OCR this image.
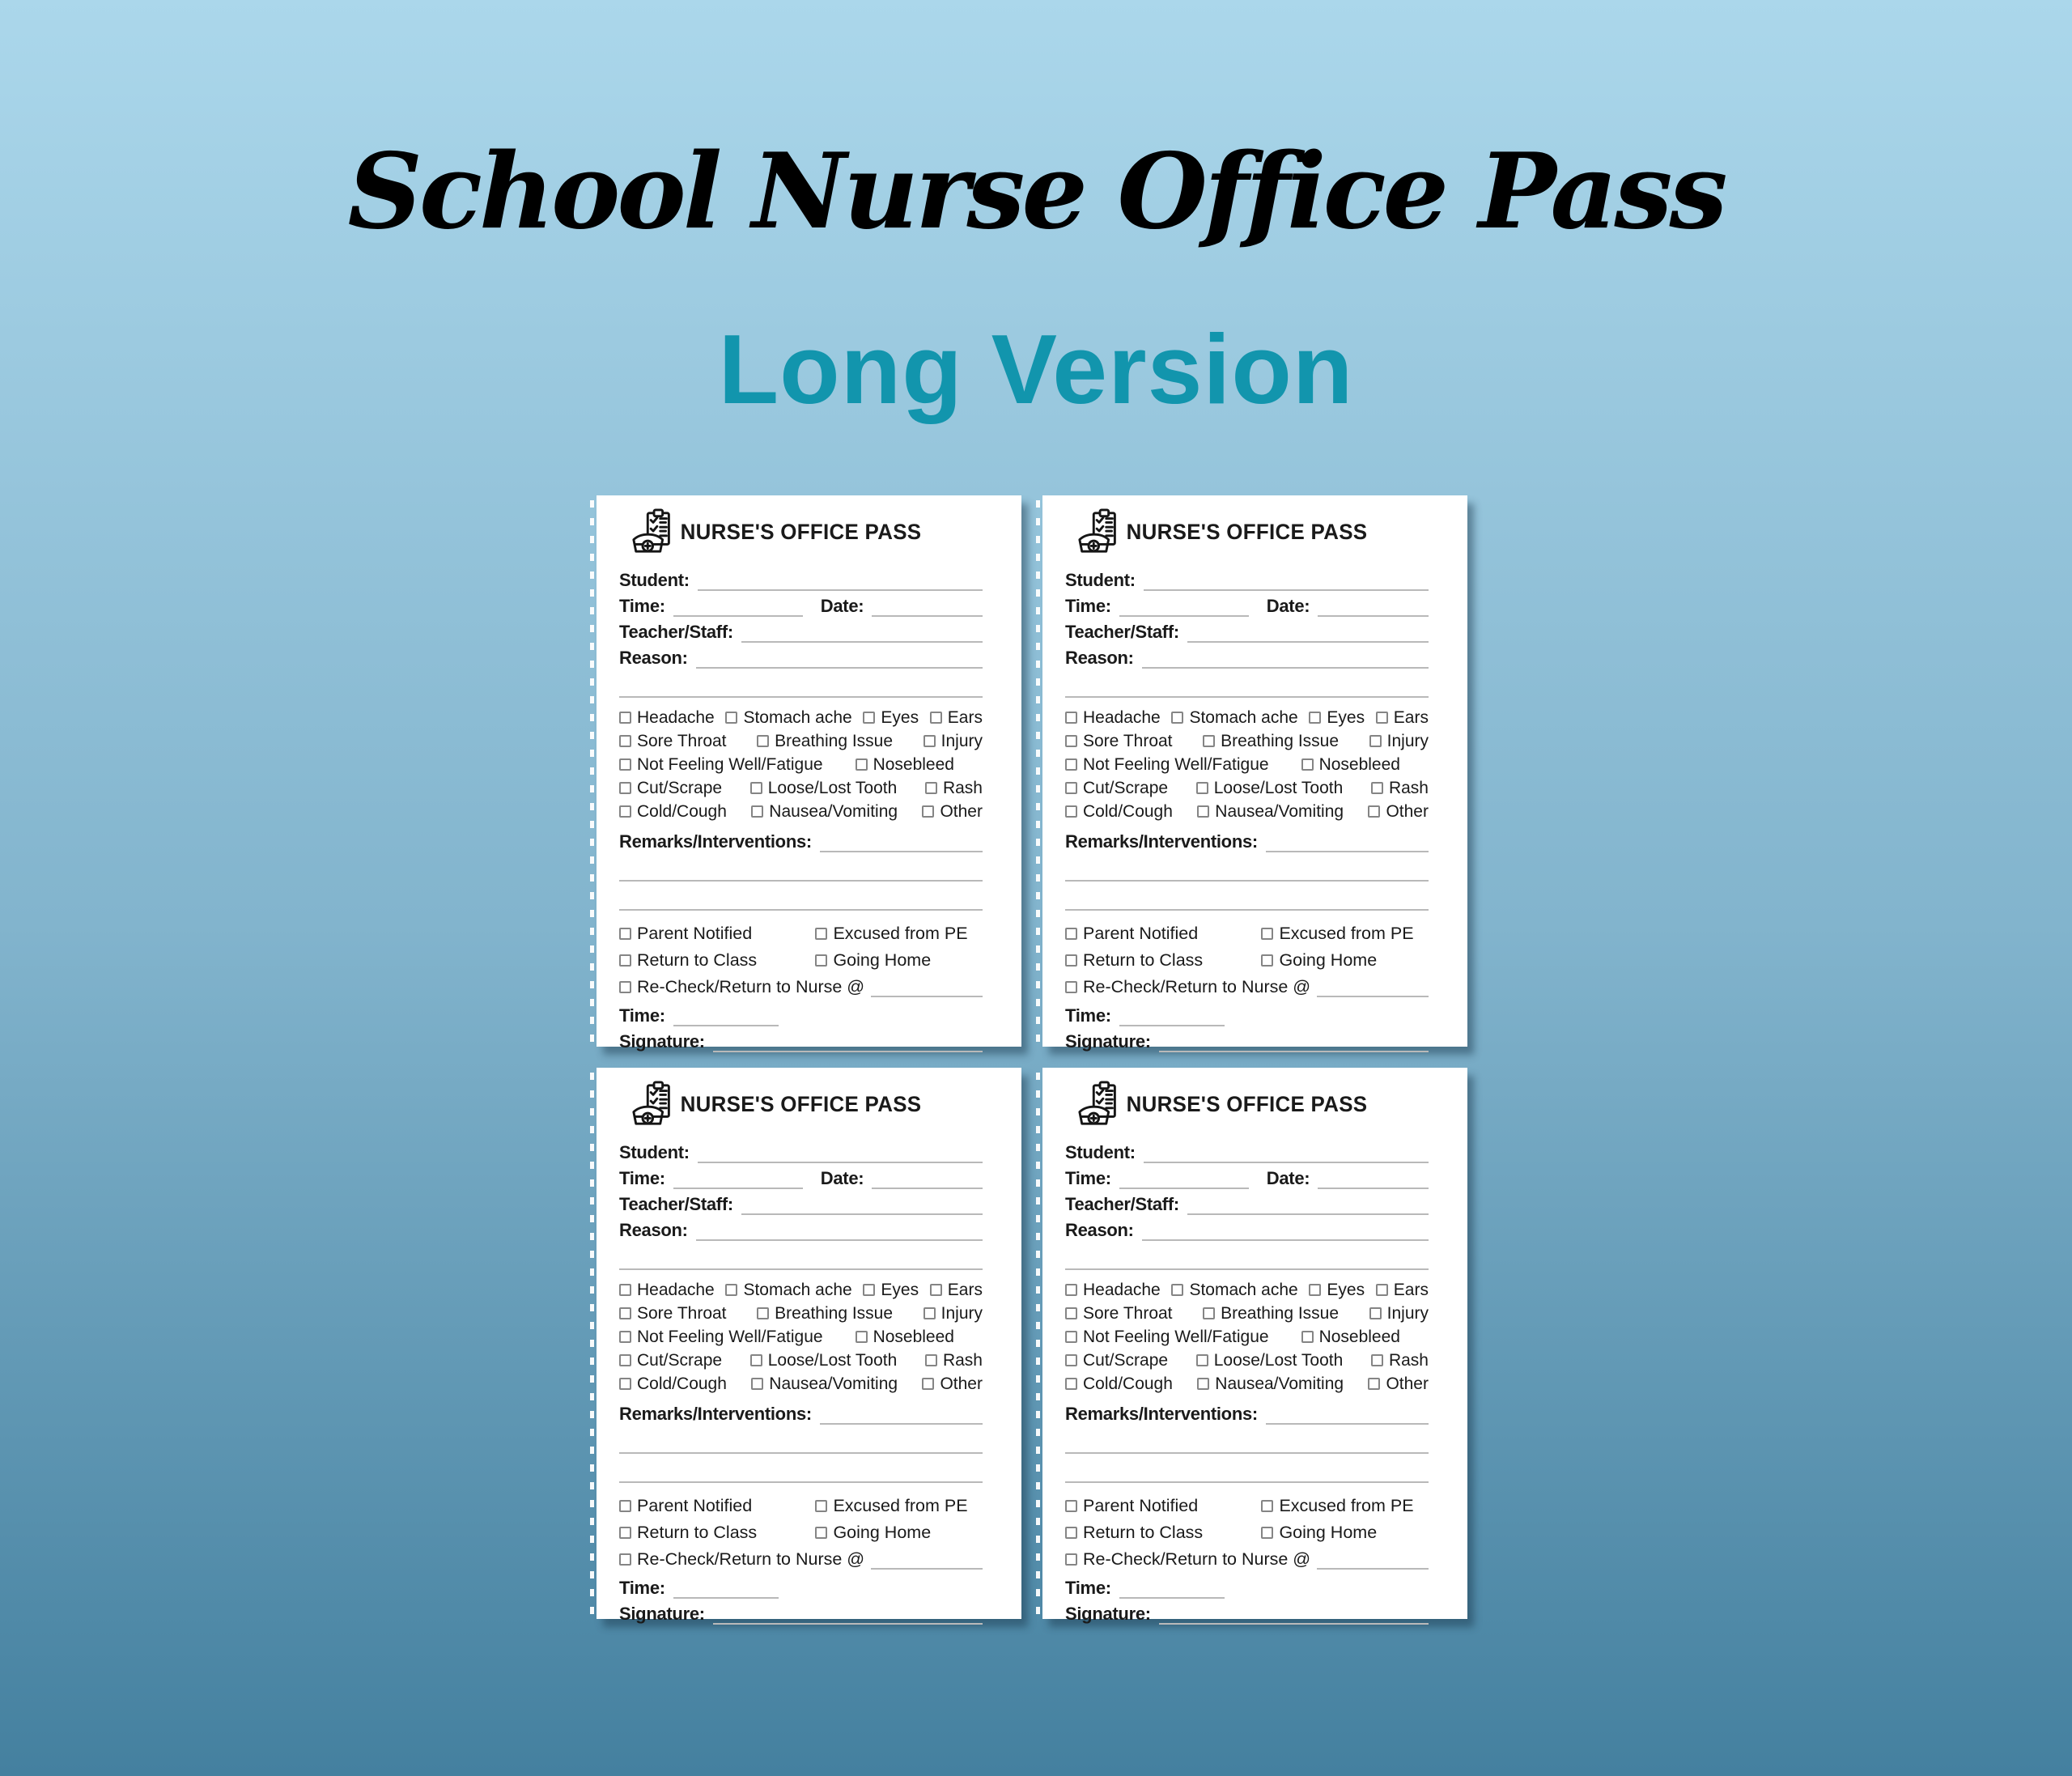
School Nurse Office Pass
Long Version
NURSE'S OFFICE PASS
Student:
Time:	Date:
Teacher/Staff:
Reason:
Headache Stomach ache Eyes Ears
Sore Throat	Breathing Issue	Injury
Not Feeling Well/Fatigue	Nosebleed
Cut/Scrape	Loose/Lost Tooth	Rash
Cold/Cough Nausea/Vomiting Other
Remarks/Interventions:
Parent Notified	Excused from PE
Return to Class	Going Home
Re-Check/Return to Nurse @
Time:
Signature:
NURSE'S OFFICE PASS
Student:
Time:	Date:
Teacher/Staff:
Reason:
Headache Stomach ache Eyes Ears
Sore Throat	Breathing Issue	Injury
Not Feeling Well/Fatigue	Nosebleed
Cut/Scrape	Loose/Lost Tooth	Rash
Cold/Cough Nausea/Vomiting Other
Remarks/Interventions:
Parent Notified	Excused from PE
Return to Class	Going Home
Re-Check/Return to Nurse @
Time:
Signature:
NURSE'S OFFICE PASS
Student:
Time:	Date:
Teacher/Staff:
Reason:
Headache Stomach ache Eyes Ears
Sore Throat	Breathing Issue	Injury
Not Feeling Well/Fatigue	Nosebleed
Cut/Scrape	Loose/Lost Tooth	Rash
Cold/Cough Nausea/Vomiting Other
Remarks/Interventions:
Parent Notified	Excused from PE
Return to Class	Going Home
Re-Check/Return to Nurse @
Time:
Signature:
NURSE'S OFFICE PASS
Student:
Time:	Date:
Teacher/Staff:
Reason:
Headache Stomach ache Eyes Ears
Sore Throat	Breathing Issue	Injury
Not Feeling Well/Fatigue	Nosebleed
Cut/Scrape	Loose/Lost Tooth	Rash
Cold/Cough Nausea/Vomiting Other
Remarks/Interventions:
Parent Notified	Excused from PE
Return to Class	Going Home
Re-Check/Return to Nurse @
Time:
Signature:
